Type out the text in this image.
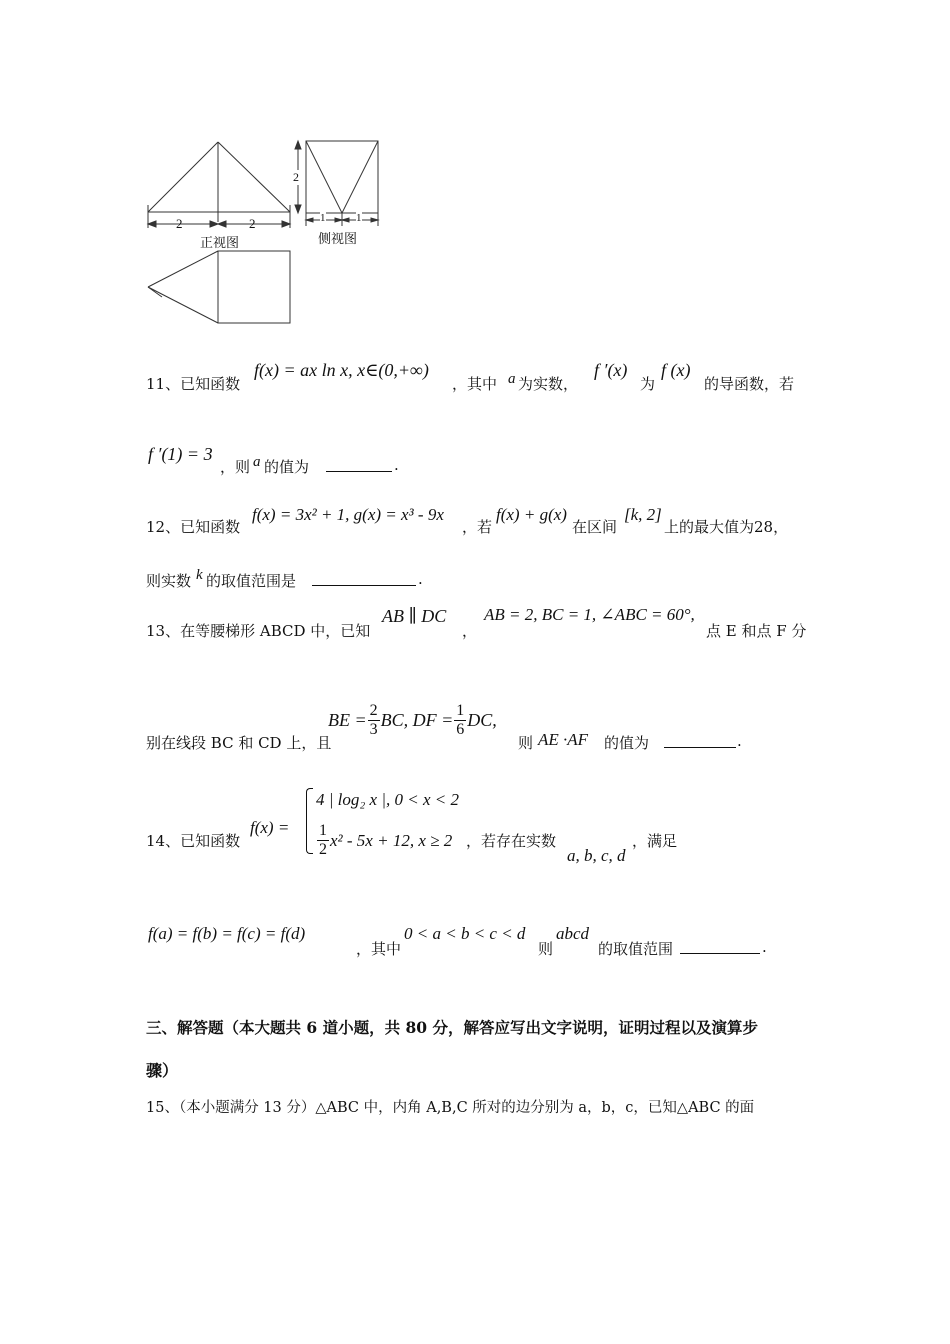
2	2
2
1	1
正视图	侧视图
11、已知函数
f(x) = ax ln x, x∈(0,+∞)
，其中 a 为实数，
f ′(x)
为
f (x)
的导函数，若
f ′(1) = 3
，则 a 的值为	.
12、已知函数
f(x) = 3x² + 1, g(x) = x³ - 9x
，若
f(x) + g(x)
在区间
[k, 2]
上的最大值为28，
则实数 k 的取值范围是	.
13、在等腰梯形 ABCD 中，已知
AB ∥ DC
，
AB = 2, BC = 1, ∠ABC = 60°,
点 E 和点 F 分
别在线段 BC 和 CD 上，且
BE = $\frac{2}{3}$ BC, DF = $\frac{1}{6}$ DC,
则 AE ·AF 的值为	.
14、已知函数
f(x) =
4 | log₂ x |, 0 < x < 2
$\frac{1}{2} x^2 - 5x + 12$, x ≥ 2 ，若存在实数
a, b, c, d
，满足
f(a) = f(b) = f(c) = f(d)
，其中
0 < a < b < c < d
则
abcd
的取值范围	.
三、解答题（本大题共 6 道小题，共 80 分，解答应写出文字说明，证明过程以及演算步
骤）
15、（本小题满分 13 分）△ABC 中，内角 A,B,C 所对的边分别为 a，b，c，已知△ABC 的面
